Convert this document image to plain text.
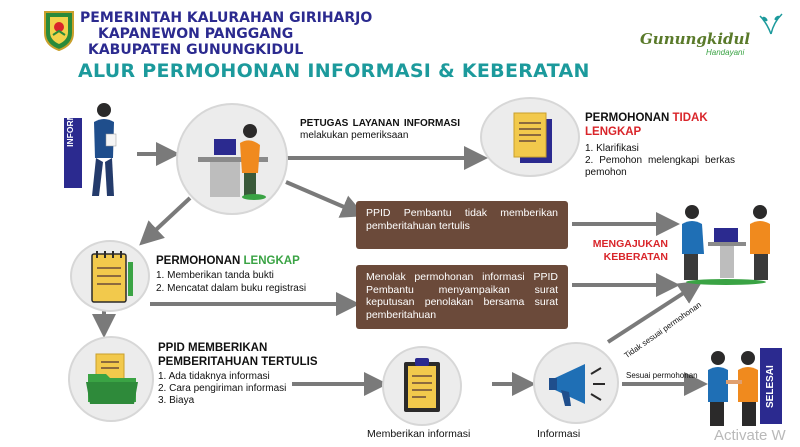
PEMERINTAH KALURAHAN GIRIHARJO
KAPANEWON PANGGANG
KABUPATEN GUNUNGKIDUL
Gunungkidul
Handayani
ALUR PERMOHONAN INFORMASI & KEBERATAN
PEMOHON INFORMASI	PETUGAS LAYANAN INFORMASI melakukan pemeriksaan
PERMOHONAN TIDAK LENGKAP
1. Klarifikasi
2. Pemohon melengkapi berkas pemohon
PPID Pembantu tidak memberikan pemberitahuan tertulis
Menolak permohonan informasi PPID Pembantu menyampaikan surat keputusan penolakan bersama surat pemberitahuan
MENGAJUKAN
KEBERATAN
PERMOHONAN LENGKAP
1. Memberikan tanda bukti
2. Mencatat dalam buku registrasi
PPID MEMBERIKAN
PEMBERITAHUAN TERTULIS
1. Ada tidaknya informasi
2. Cara pengiriman informasi
3. Biaya
Memberikan informasi	Informasi
Tidak sesuai permohonan
Sesuai permohonan	SELESAI
Activate W
